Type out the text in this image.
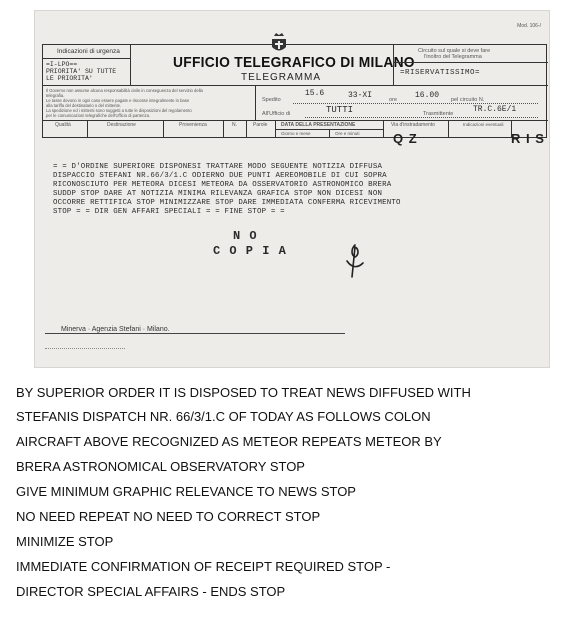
Mod. 106-/
Indicazioni di urgenza
=I-LPO==
PRIORITA' SU TUTTE
LE PRIORITA'
UFFICIO TELEGRAFICO DI MILANO
TELEGRAMMA
Circuito sul quale si deve fare
l'inoltro del Telegramma
=RISERVATISSIMO=
Il Governo non assume alcuna responsabilità civile in conseguenza del servizio della
telegrafia.
Le tasse devono in ogni caso essere pagate e riscosse integralmente in base
alla tariffa del destinatario o del mittente.
La spedizione ed i mittenti sono soggetti a tutte le disposizioni del regolamento
per le comunicazioni telegrafiche dell'Ufficio di partenza.
Spedito
15.6	33-XI	ore 16.00 pel circuito N.
All'Ufficio di	TUTTI	Trasmittente TR.C.6E/1
Qualità	Destinazione	Provenienza	N.	Parole	DATA DELLA PRESENTAZIONE
Giorno e mese	Ore e minuti
Via d'instradamento	Indicazioni eventuali
Q Z	R I S
= = D'ORDINE SUPERIORE DISPONESI TRATTARE MODO SEGUENTE NOTIZIA DIFFUSA
DISPACCIO STEFANI NR.66/3/1.C ODIERNO DUE PUNTI AEREOMOBILE DI CUI SOPRA
RICONOSCIUTO PER METEORA DICESI METEORA DA OSSERVATORIO ASTRONOMICO BRERA
SUDDP STOP DARE AT NOTIZIA MINIMA RILEVANZA GRAFICA STOP NON DICESI NON
OCCORRE RETTIFICA STOP MINIMIZZARE STOP DARE IMMEDIATA CONFERMA RICEVIMENTO
STOP = = DIR GEN AFFARI SPECIALI = = FINE STOP = =
N O
C O P I A
Minerva · Agenzia Stefani · Milano.
BY SUPERIOR ORDER IT IS DISPOSED TO TREAT NEWS DIFFUSED WITH
STEFANIS DISPATCH NR. 66/3/1.C OF TODAY AS FOLLOWS COLON
AIRCRAFT ABOVE RECOGNIZED AS METEOR REPEATS METEOR BY
BRERA ASTRONOMICAL OBSERVATORY STOP
GIVE MINIMUM GRAPHIC RELEVANCE TO NEWS STOP
NO NEED REPEAT NO NEED TO CORRECT STOP
MINIMIZE STOP
IMMEDIATE CONFIRMATION OF RECEIPT REQUIRED STOP -
DIRECTOR SPECIAL AFFAIRS - ENDS STOP
